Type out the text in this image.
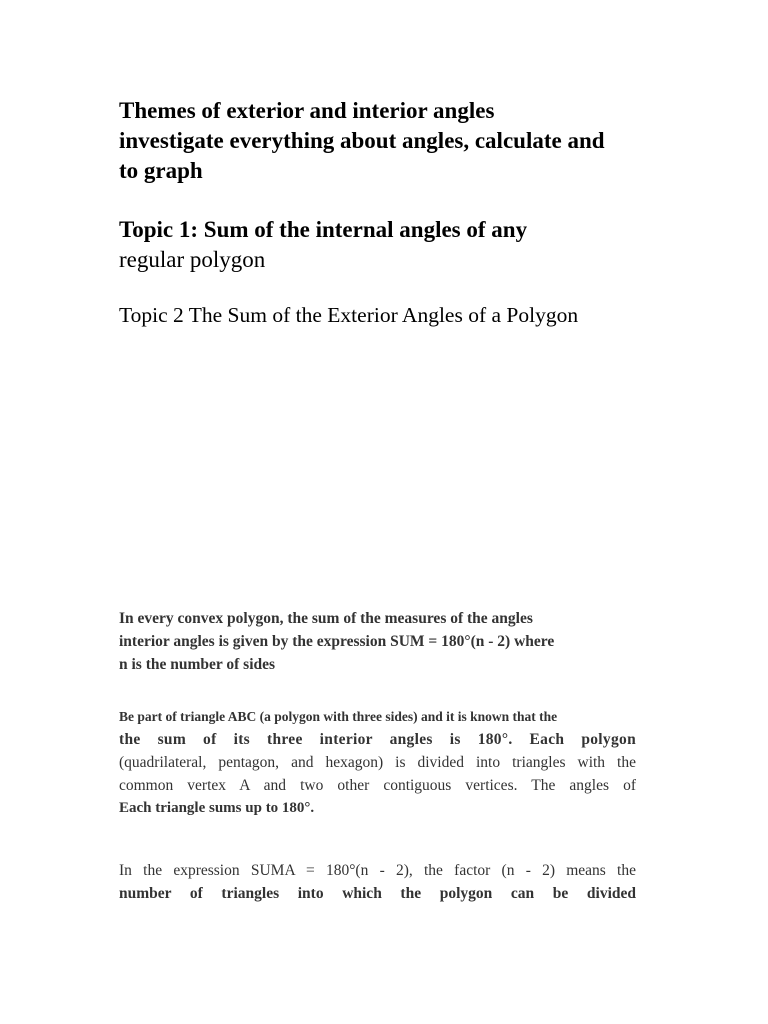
Themes of exterior and interior angles
investigate everything about angles, calculate and
to graph
Topic 1: Sum of the internal angles of any
regular polygon
Topic 2 The Sum of the Exterior Angles of a Polygon
In every convex polygon, the sum of the measures of the angles
interior angles is given by the expression SUM = 180°(n - 2) where
n is the number of sides
Be part of triangle ABC (a polygon with three sides) and it is known that the
the sum of its three interior angles is 180°. Each polygon
(quadrilateral, pentagon, and hexagon) is divided into triangles with the
common vertex A and two other contiguous vertices. The angles of
Each triangle sums up to 180°.
In the expression SUMA = 180°(n - 2), the factor (n - 2) means the
number of triangles into which the polygon can be divided
